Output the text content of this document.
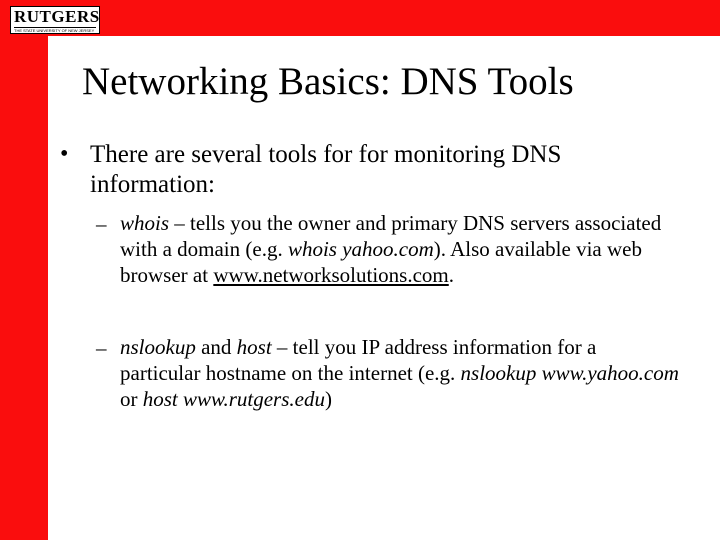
RUTGERS
THE STATE UNIVERSITY OF NEW JERSEY
Networking Basics: DNS Tools
• There are several tools for for monitoring DNS information:
– whois – tells you the owner and primary DNS servers associated with a domain (e.g. whois yahoo.com). Also available via web browser at www.networksolutions.com.
– nslookup and host – tell you IP address information for a particular hostname on the internet (e.g. nslookup www.yahoo.com or host www.rutgers.edu)
